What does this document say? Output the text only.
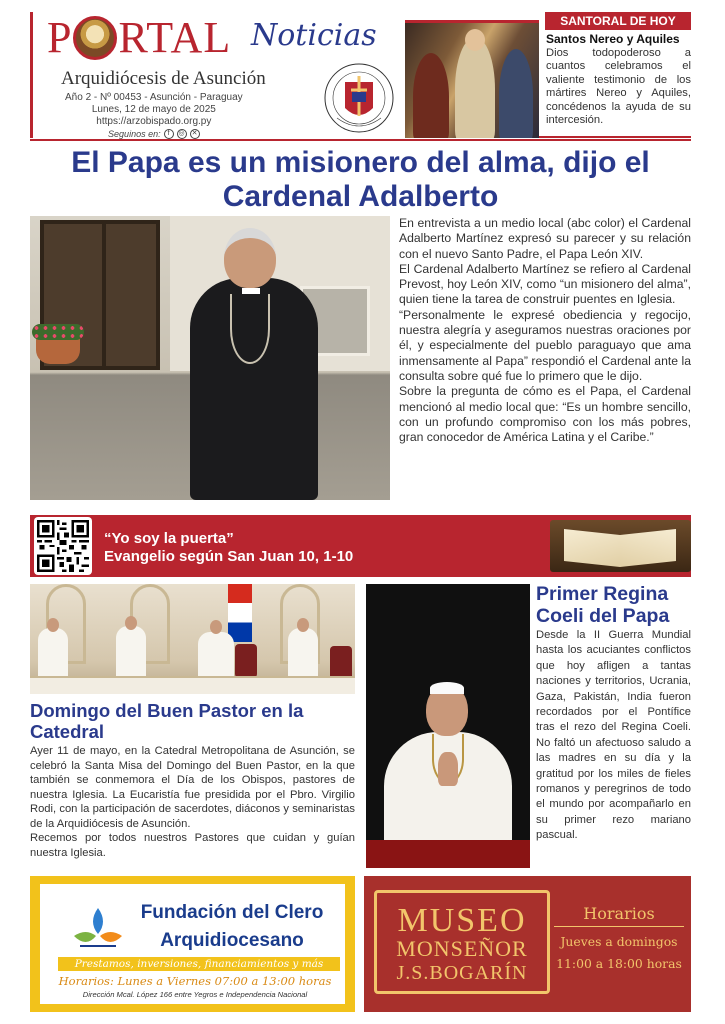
P RTAL Noticias
Arquidiócesis de Asunción
Año 2 - Nº 00453 - Asunción - Paraguay
Lunes, 12 de mayo de 2025
https://arzobispado.org.py
Seguinos en:	f	◎ ✕
SANTORAL DE HOY
Santos Nereo y Aquiles
Dios todopoderoso a cuantos celebramos el valiente testimonio de los mártires Nereo y Aquiles, concédenos la ayuda de su intercesión.
El Papa es un misionero del alma, dijo el Cardenal Adalberto

En entrevista a un medio local (abc color) el Cardenal Adalberto Martínez expresó su parecer y su relación con el nuevo Santo Padre, el Papa León XIV.

El Cardenal Adalberto Martínez se refiero al Cardenal Prevost, hoy León XIV, como “un misionero del alma”, quien tiene la tarea de construir puentes en Iglesia.

“Personalmente le expresé obediencia y regocijo, nuestra alegría y aseguramos nuestras oraciones por él, y especialmente del pueblo paraguayo que ama inmensamente al Papa” respondió el Cardenal ante la consulta sobre qué fue lo primero que le dijo.

Sobre la pregunta de cómo es el Papa, el Cardenal mencionó al medio local que: “Es un hombre sencillo, con un profundo compromiso con los más pobres, gran conocedor de América Latina y el Caribe.”

“Yo soy la puerta”
Evangelio según San Juan 10, 1-10
Domingo del Buen Pastor en la Catedral

Ayer 11 de mayo, en la Catedral Metropolitana de Asunción, se celebró la Santa Misa del Domingo del Buen Pastor, en la que también se conmemora el Día de los Obispos, pastores de nuestra Iglesia. La Eucaristía fue presidida por el Pbro. Virgilio Rodi, con la participación de sacerdotes, diáconos y seminaristas de la Arquidiócesis de Asunción.

Recemos por todos nuestros Pastores que cuidan y guían nuestra Iglesia.

Primer Regina Coeli del Papa

Desde la II Guerra Mundial hasta los acuciantes conflictos que hoy afligen a tantas naciones y territorios, Ucrania, Gaza, Pakistán, India fueron recordados por el Pontífice tras el rezo del Regina Coeli. No faltó un afectuoso saludo a las madres en su día y la gratitud por los miles de fieles romanos y peregrinos de todo el mundo por acompañarlo en su primer rezo mariano pascual.

Fundación del Clero
Arquidiocesano
Prestamos, inversiones, financiamientos y más
Horarios: Lunes a Viernes 07:00 a 13:00 horas
Dirección Mcal. López 166 entre Yegros e Independencia Nacional
MUSEO
MONSEÑOR
J.S.BOGARÍN
Horarios
Jueves a domingos
11:00 a 18:00 horas
